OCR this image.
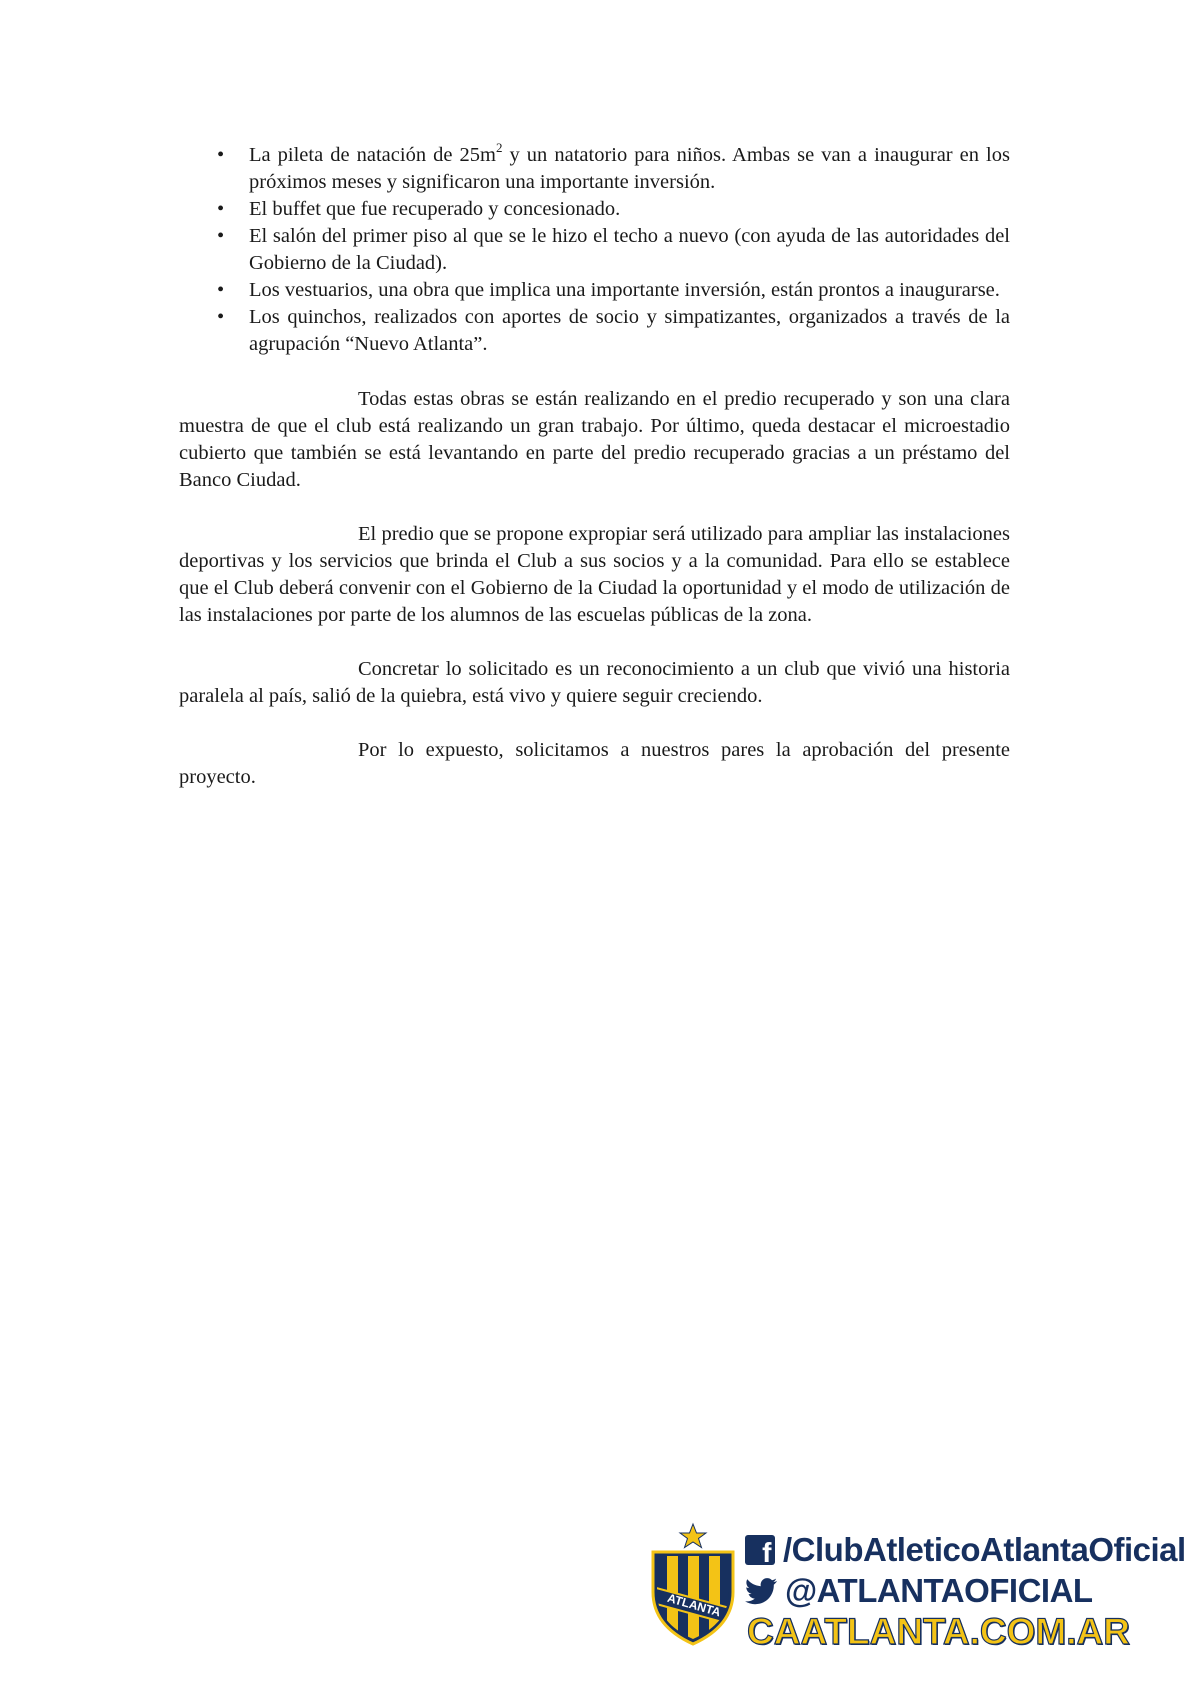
• La pileta de natación de $25m^2$ y un natatorio para niños. Ambas se van a inaugurar en los próximos meses y significaron una importante inversión.
• El buffet que fue recuperado y concesionado.
• El salón del primer piso al que se le hizo el techo a nuevo (con ayuda de las autoridades del Gobierno de la Ciudad).
• Los vestuarios, una obra que implica una importante inversión, están prontos a inaugurarse.
• Los quinchos, realizados con aportes de socio y simpatizantes, organizados a través de la agrupación “Nuevo Atlanta”.

Todas estas obras se están realizando en el predio recuperado y son una clara muestra de que el club está realizando un gran trabajo. Por último, queda destacar el microestadio cubierto que también se está levantando en parte del predio recuperado gracias a un préstamo del Banco Ciudad.

El predio que se propone expropiar será utilizado para ampliar las instalaciones deportivas y los servicios que brinda el Club a sus socios y a la comunidad. Para ello se establece que el Club deberá convenir con el Gobierno de la Ciudad la oportunidad y el modo de utilización de las instalaciones por parte de los alumnos de las escuelas públicas de la zona.

Concretar lo solicitado es un reconocimiento a un club que vivió una historia paralela al país, salió de la quiebra, está vivo y quiere seguir creciendo.

Por lo expuesto, solicitamos a nuestros pares la aprobación del presente proyecto.

ATLANTA
f /ClubAtleticoAtlantaOficial
@ATLANTAOFICIAL
CAATLANTA.COM.AR
